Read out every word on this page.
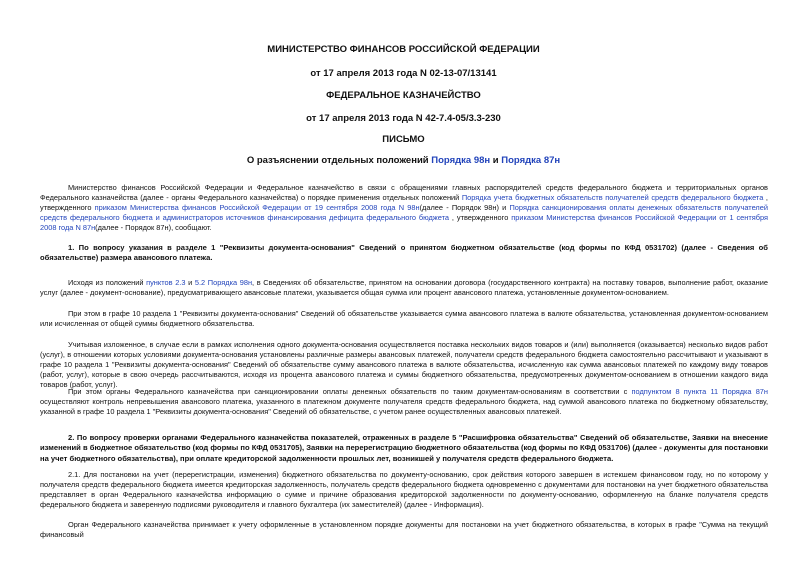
МИНИСТЕРСТВО ФИНАНСОВ РОССИЙСКОЙ ФЕДЕРАЦИИ
от 17 апреля 2013 года N 02-13-07/13141
ФЕДЕРАЛЬНОЕ КАЗНАЧЕЙСТВО
от 17 апреля 2013 года N 42-7.4-05/3.3-230
ПИСЬМО
О разъяснении отдельных положений Порядка 98н и Порядка 87н
Министерство финансов Российской Федерации и Федеральное казначейство в связи с обращениями главных распорядителей средств федерального бюджета и территориальных органов Федерального казначейства (далее - органы Федерального казначейства) о порядке применения отдельных положений Порядка учета бюджетных обязательств получателей средств федерального бюджета , утвержденного приказом Министерства финансов Российской Федерации от 19 сентября 2008 года N 98н(далее - Порядок 98н) и Порядка санкционирования оплаты денежных обязательств получателей средств федерального бюджета и администраторов источников финансирования дефицита федерального бюджета , утвержденного приказом Министерства финансов Российской Федерации от 1 сентября 2008 года N 87н(далее - Порядок 87н), сообщают.
1. По вопросу указания в разделе 1 "Реквизиты документа-основания" Сведений о принятом бюджетном обязательстве (код формы по КФД 0531702) (далее - Сведения об обязательстве) размера авансового платежа.
Исходя из положений пунктов 2.3 и 5.2 Порядка 98н, в Сведениях об обязательстве, принятом на основании договора (государственного контракта) на поставку товаров, выполнение работ, оказание услуг (далее - документ-основание), предусматривающего авансовые платежи, указывается общая сумма или процент авансового платежа, установленные документом-основанием.
При этом в графе 10 раздела 1 "Реквизиты документа-основания" Сведений об обязательстве указывается сумма авансового платежа в валюте обязательства, установленная документом-основанием или исчисленная от общей суммы бюджетного обязательства.
Учитывая изложенное, в случае если в рамках исполнения одного документа-основания осуществляется поставка нескольких видов товаров и (или) выполняется (оказывается) несколько видов работ (услуг), в отношении которых условиями документа-основания установлены различные размеры авансовых платежей, получатели средств федерального бюджета самостоятельно рассчитывают и указывают в графе 10 раздела 1 "Реквизиты документа-основания" Сведений об обязательстве сумму авансового платежа в валюте обязательства, исчисленную как сумма авансовых платежей по каждому виду товаров (работ, услуг), которые в свою очередь рассчитываются, исходя из процента авансового платежа и суммы бюджетного обязательства, предусмотренных документом-основанием в отношении каждого вида товаров (работ, услуг).
При этом органы Федерального казначейства при санкционировании оплаты денежных обязательств по таким документам-основаниям в соответствии с подпунктом 8 пункта 11 Порядка 87н осуществляют контроль непревышения авансового платежа, указанного в платежном документе получателя средств федерального бюджета, над суммой авансового платежа по бюджетному обязательству, указанной в графе 10 раздела 1 "Реквизиты документа-основания" Сведений об обязательстве, с учетом ранее осуществленных авансовых платежей.
2. По вопросу проверки органами Федерального казначейства показателей, отраженных в разделе 5 "Расшифровка обязательства" Сведений об обязательстве, Заявки на внесение изменений в бюджетное обязательство (код формы по КФД 0531705), Заявки на перерегистрацию бюджетного обязательства (код формы по КФД 0531706) (далее - документы для постановки на учет бюджетного обязательства), при оплате кредиторской задолженности прошлых лет, возникшей у получателя средств федерального бюджета.
2.1. Для постановки на учет (перерегистрации, изменения) бюджетного обязательства по документу-основанию, срок действия которого завершен в истекшем финансовом году, но по которому у получателя средств федерального бюджета имеется кредиторская задолженность, получатель средств федерального бюджета одновременно с документами для постановки на учет бюджетного обязательства представляет в орган Федерального казначейства информацию о сумме и причине образования кредиторской задолженности по документу-основанию, оформленную на бланке получателя средств федерального бюджета и заверенную подписями руководителя и главного бухгалтера (их заместителей) (далее - Информация).
Орган Федерального казначейства принимает к учету оформленные в установленном порядке документы для постановки на учет бюджетного обязательства, в которых в графе "Сумма на текущий финансовый
